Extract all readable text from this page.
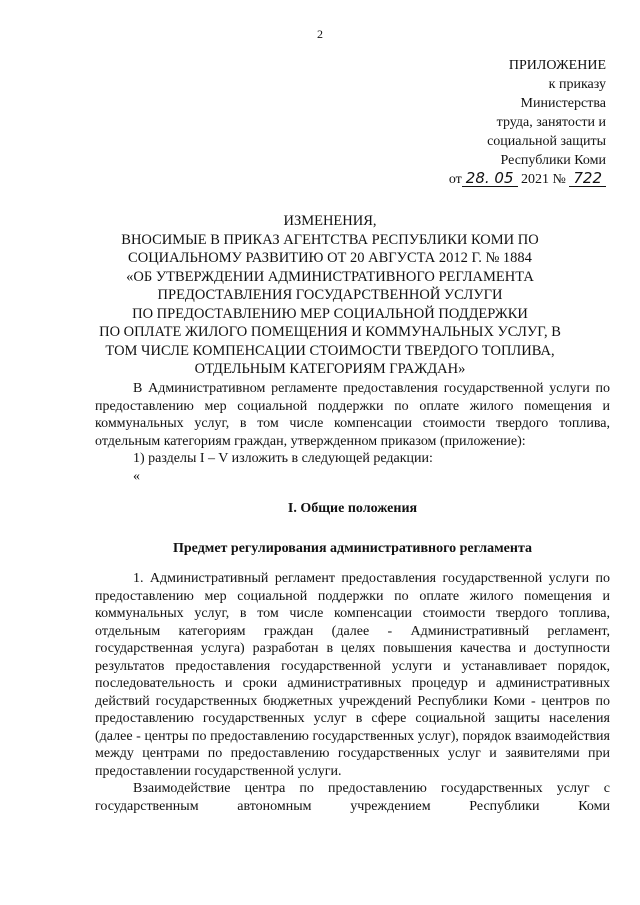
2
ПРИЛОЖЕНИЕ
к приказу
Министерства
труда, занятости и
социальной защиты
Республики Коми
от 28. 05 2021 № 722
ИЗМЕНЕНИЯ,
ВНОСИМЫЕ В ПРИКАЗ АГЕНТСТВА РЕСПУБЛИКИ КОМИ ПО
СОЦИАЛЬНОМУ РАЗВИТИЮ ОТ 20 АВГУСТА 2012 Г. № 1884
«ОБ УТВЕРЖДЕНИИ АДМИНИСТРАТИВНОГО РЕГЛАМЕНТА
ПРЕДОСТАВЛЕНИЯ ГОСУДАРСТВЕННОЙ УСЛУГИ
ПО ПРЕДОСТАВЛЕНИЮ МЕР СОЦИАЛЬНОЙ ПОДДЕРЖКИ
ПО ОПЛАТЕ ЖИЛОГО ПОМЕЩЕНИЯ И КОММУНАЛЬНЫХ УСЛУГ, В
ТОМ ЧИСЛЕ КОМПЕНСАЦИИ СТОИМОСТИ ТВЕРДОГО ТОПЛИВА,
ОТДЕЛЬНЫМ КАТЕГОРИЯМ ГРАЖДАН»

В Административном регламенте предоставления государственной услуги по предоставлению мер социальной поддержки по оплате жилого помещения и коммунальных услуг, в том числе компенсации стоимости твердого топлива, отдельным категориям граждан, утвержденном приказом (приложение):

1) разделы I – V изложить в следующей редакции:

«

I. Общие положения
Предмет регулирования административного регламента

1. Административный регламент предоставления государственной услуги по предоставлению мер социальной поддержки по оплате жилого помещения и коммунальных услуг, в том числе компенсации стоимости твердого топлива, отдельным категориям граждан (далее - Административный регламент, государственная услуга) разработан в целях повышения качества и доступности результатов предоставления государственной услуги и устанавливает порядок, последовательность и сроки административных процедур и административных действий государственных бюджетных учреждений Республики Коми - центров по предоставлению государственных услуг в сфере социальной защиты населения (далее - центры по предоставлению государственных услуг), порядок взаимодействия между центрами по предоставлению государственных услуг и заявителями при предоставлении государственной услуги.

Взаимодействие центра по предоставлению государственных услуг с государственным автономным учреждением Республики Коми
